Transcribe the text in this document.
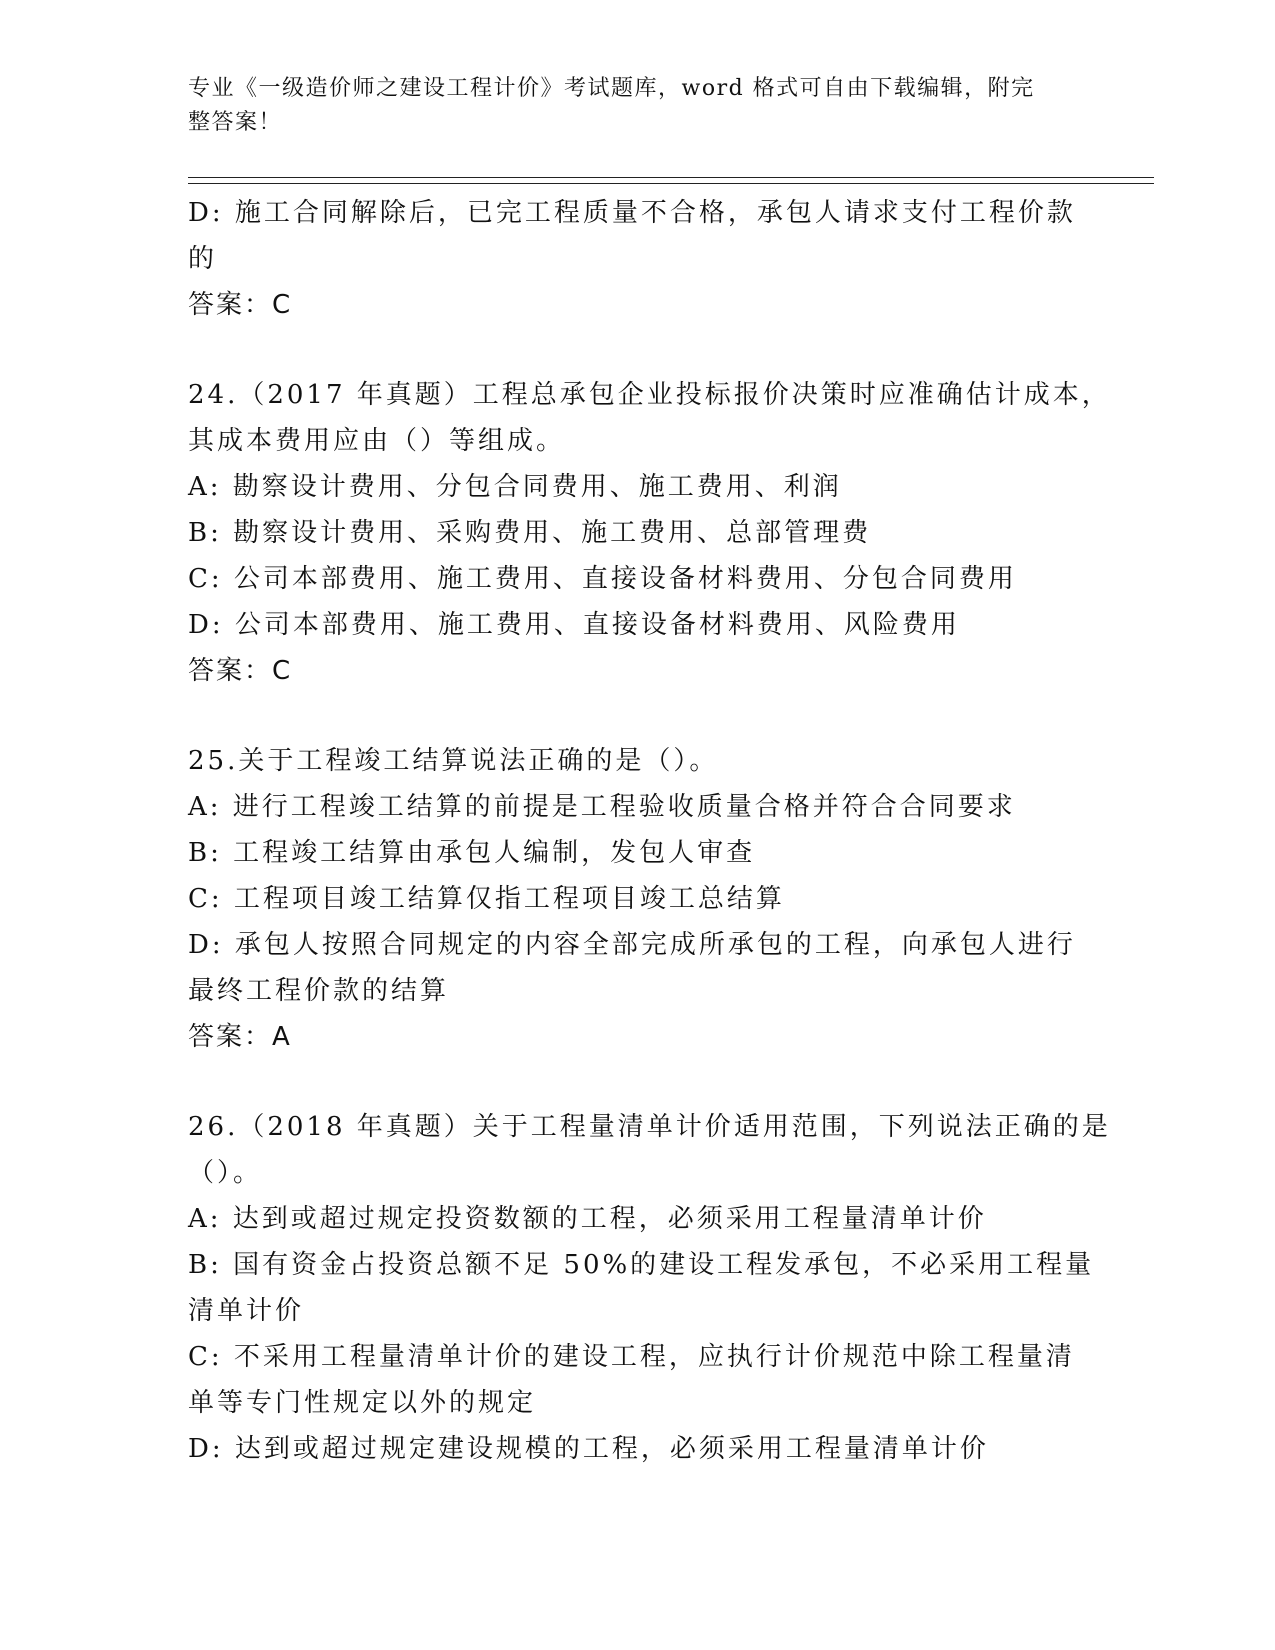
专业《一级造价师之建设工程计价》考试题库，word 格式可自由下载编辑，附完
整答案！
D: 施工合同解除后，已完工程质量不合格，承包人请求支付工程价款
的
答案：C
24.（2017 年真题）工程总承包企业投标报价决策时应准确估计成本，
其成本费用应由（）等组成。
A: 勘察设计费用、分包合同费用、施工费用、利润
B: 勘察设计费用、采购费用、施工费用、总部管理费
C: 公司本部费用、施工费用、直接设备材料费用、分包合同费用
D: 公司本部费用、施工费用、直接设备材料费用、风险费用
答案：C
25.关于工程竣工结算说法正确的是（）。
A: 进行工程竣工结算的前提是工程验收质量合格并符合合同要求
B: 工程竣工结算由承包人编制，发包人审查
C: 工程项目竣工结算仅指工程项目竣工总结算
D: 承包人按照合同规定的内容全部完成所承包的工程，向承包人进行
最终工程价款的结算
答案：A
26.（2018 年真题）关于工程量清单计价适用范围，下列说法正确的是
（）。
A: 达到或超过规定投资数额的工程，必须采用工程量清单计价
B: 国有资金占投资总额不足 50%的建设工程发承包，不必采用工程量
清单计价
C: 不采用工程量清单计价的建设工程，应执行计价规范中除工程量清
单等专门性规定以外的规定
D: 达到或超过规定建设规模的工程，必须采用工程量清单计价
